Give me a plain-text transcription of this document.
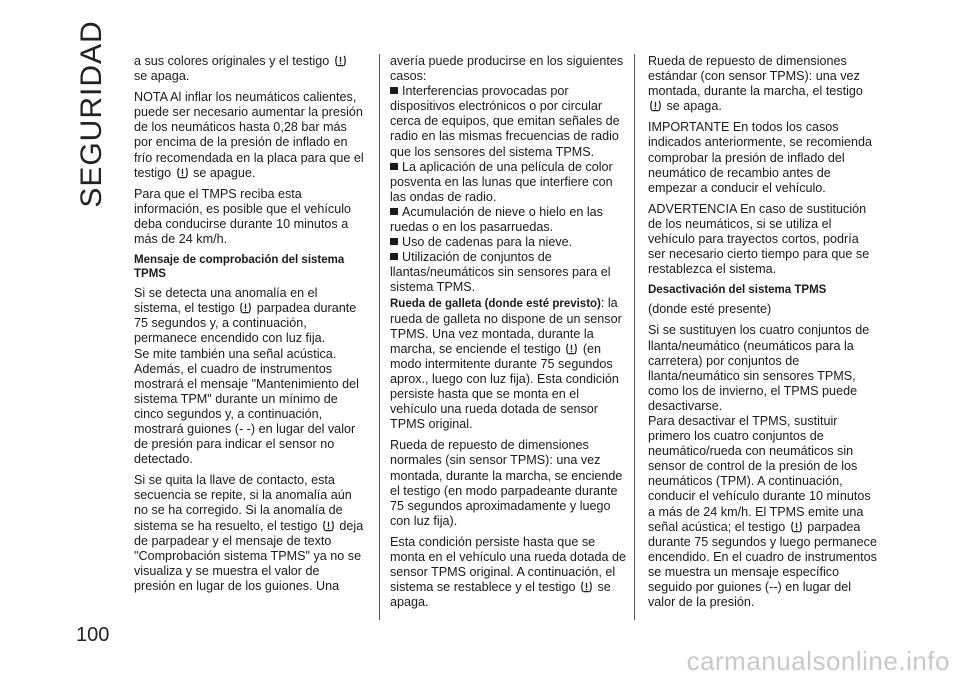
SEGURIDAD a sus colores originales y el testigo  se apaga.

NOTA Al inflar los neumáticos calientes, puede ser necesario aumentar la presión de los neumáticos hasta 0,28 bar más por encima de la presión de inflado en frío recomendada en la placa para que el testigo se apague.

Para que el TMPS reciba esta información, es posible que el vehículo deba conducirse durante 10 minutos a más de 24 km/h.

Mensaje de comprobación del sistema TPMS

Si se detecta una anomalía en el sistema, el testigo parpadea durante 75 segundos y, a continuación, permanece encendido con luz fija.

Se mite también una señal acústica. Además, el cuadro de instrumentos mostrará el mensaje "Mantenimiento del sistema TPM" durante un mínimo de cinco segundos y, a continuación, mostrará guiones (- -) en lugar del valor de presión para indicar el sensor no detectado.

Si se quita la llave de contacto, esta secuencia se repite, si la anomalía aún no se ha corregido. Si la anomalía de sistema se ha resuelto, el testigo deja de parpadear y el mensaje de texto "Comprobación sistema TPMS" ya no se visualiza y se muestra el valor de presión en lugar de los guiones. Una

avería puede producirse en los siguientes casos:

Interferencias provocadas por dispositivos electrónicos o por circular cerca de equipos, que emitan señales de radio en las mismas frecuencias de radio que los sensores del sistema TPMS.
La aplicación de una película de color posventa en las lunas que interfiere con las ondas de radio.
Acumulación de nieve o hielo en las ruedas o en los pasarruedas.
Uso de cadenas para la nieve.
Utilización de conjuntos de llantas/neumáticos sin sensores para el sistema TPMS.

Rueda de galleta (donde esté previsto): la rueda de galleta no dispone de un sensor TPMS. Una vez montada, durante la marcha, se enciende el testigo (en modo intermitente durante 75 segundos aprox., luego con luz fija). Esta condición persiste hasta que se monta en el vehículo una rueda dotada de sensor TPMS original.

Rueda de repuesto de dimensiones normales (sin sensor TPMS): una vez montada, durante la marcha, se enciende el testigo (en modo parpadeante durante 75 segundos aproximadamente y luego con luz fija).

Esta condición persiste hasta que se monta en el vehículo una rueda dotada de sensor TPMS original. A continuación, el sistema se restablece y el testigo se apaga.

Rueda de repuesto de dimensiones estándar (con sensor TPMS): una vez montada, durante la marcha, el testigo  se apaga.

IMPORTANTE En todos los casos indicados anteriormente, se recomienda comprobar la presión de inflado del neumático de recambio antes de empezar a conducir el vehículo.

ADVERTENCIA En caso de sustitución de los neumáticos, si se utiliza el vehículo para trayectos cortos, podría ser necesario cierto tiempo para que se restablezca el sistema.

Desactivación del sistema TPMS

(donde esté presente)

Si se sustituyen los cuatro conjuntos de llanta/neumático (neumáticos para la carretera) por conjuntos de llanta/neumático sin sensores TPMS, como los de invierno, el TPMS puede desactivarse.

Para desactivar el TPMS, sustituir primero los cuatro conjuntos de neumático/rueda con neumáticos sin sensor de control de la presión de los neumáticos (TPM). A continuación, conducir el vehículo durante 10 minutos a más de 24 km/h. El TPMS emite una señal acústica; el testigo parpadea durante 75 segundos y luego permanece encendido. En el cuadro de instrumentos se muestra un mensaje específico seguido por guiones (--) en lugar del valor de la presión.

100
carmanualsonline.info
